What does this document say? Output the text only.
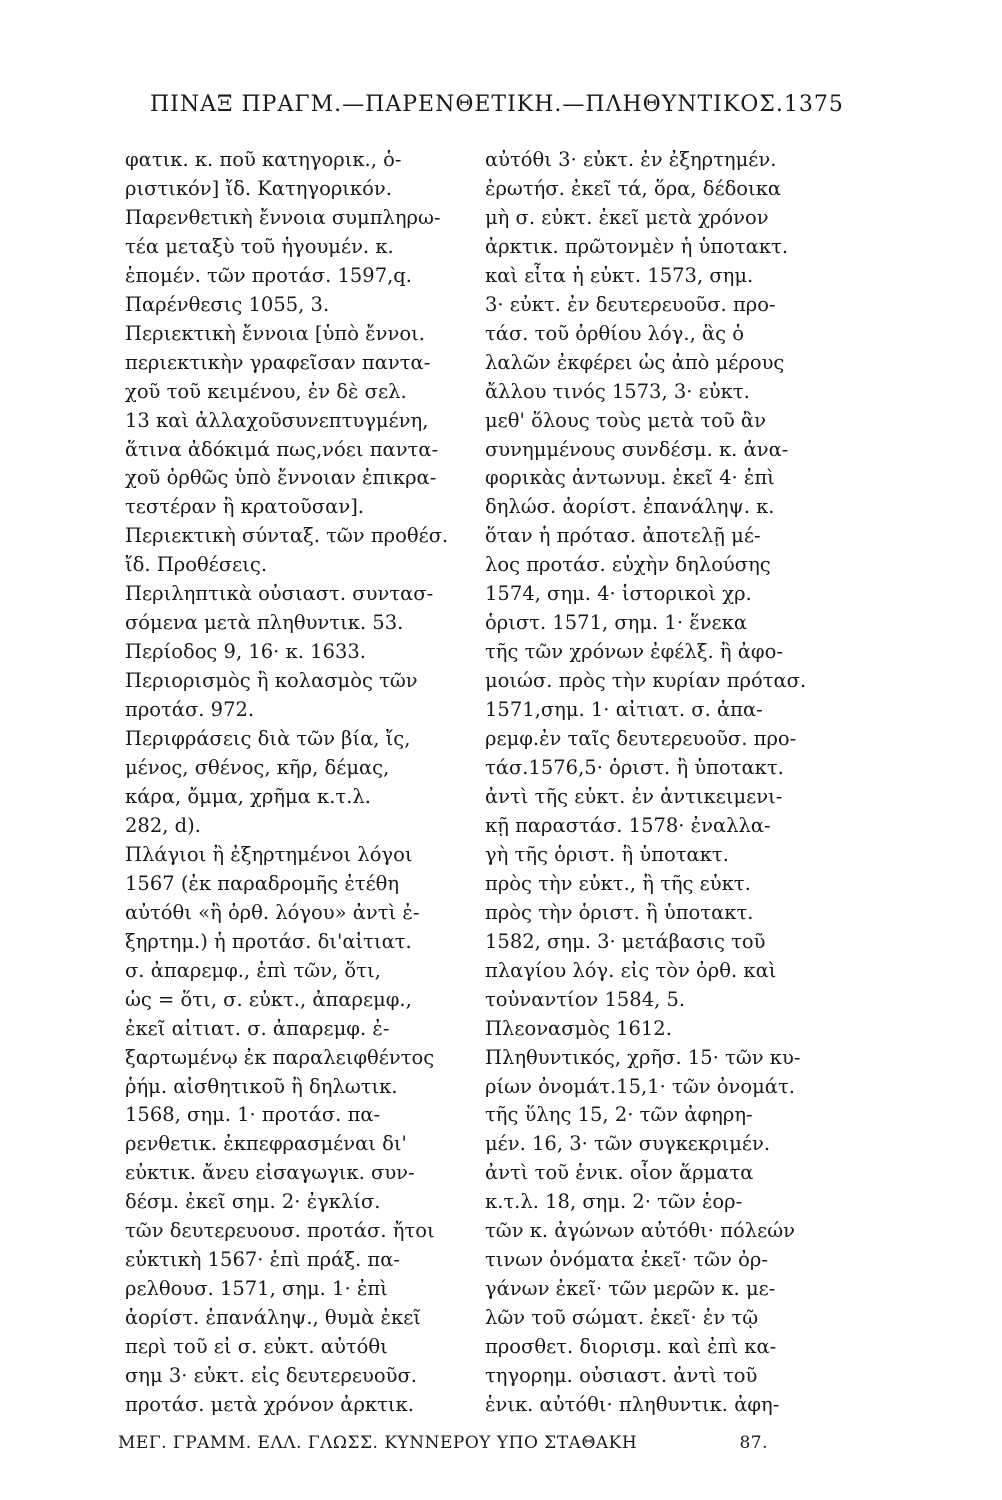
ΠΙΝΑΞ ΠΡΑΓΜ.—ΠΑΡΕΝΘΕΤΙΚΗ.—ΠΛΗΘΥΝΤΙΚΟΣ. 1375
φατικ. κ. ποῦ κατηγορικ., ὁ-
ριστικόν] ἴδ. Κατηγορικόν.
Παρενθετικὴ ἔννοια συμπληρω-
τέα μεταξὺ τοῦ ἡγουμέν. κ.
ἑπομέν. τῶν προτάσ. 1597,q.
Παρένθεσις 1055, 3.
Περιεκτικὴ ἔννοια [ὑπὸ ἔννοι.
περιεκτικὴν γραφεῖσαν παντα-
χοῦ τοῦ κειμένου, ἐν δὲ σελ.
13 καὶ ἀλλαχοῦσυνεπτυγμένη,
ἅτινα ἀδόκιμά πως,νόει παντα-
χοῦ ὀρθῶς ὑπὸ ἔννοιαν ἐπικρα-
τεστέραν ἢ κρατοῦσαν].
Περιεκτικὴ σύνταξ. τῶν προθέσ.
ἴδ. Προθέσεις.
Περιληπτικὰ οὐσιαστ. συντασ-
σόμενα μετὰ πληθυντικ. 53.
Περίοδος 9, 16· κ. 1633.
Περιορισμὸς ἢ κολασμὸς τῶν
προτάσ. 972.
Περιφράσεις διὰ τῶν βία, ἴς,
μένος, σθένος, κῆρ, δέμας,
κάρα, ὄμμα, χρῆμα κ.τ.λ.
282, d).
Πλάγιοι ἢ ἐξηρτημένοι λόγοι
1567 (ἐκ παραδρομῆς ἐτέθη
αὐτόθι «ἢ ὀρθ. λόγου» ἀντὶ ἐ-
ξηρτημ.) ἡ προτάσ. δι'αἰτιατ.
σ. ἀπαρεμφ., ἐπὶ τῶν, ὅτι,
ὡς = ὅτι, σ. εὐκτ., ἀπαρεμφ.,
ἐκεῖ αἰτιατ. σ. ἀπαρεμφ. ἐ-
ξαρτωμένῳ ἐκ παραλειφθέντος
ῥήμ. αἰσθητικοῦ ἢ δηλωτικ.
1568, σημ. 1· προτάσ. πα-
ρενθετικ. ἐκπεφρασμέναι δι'
εὐκτικ. ἄνευ εἰσαγωγικ. συν-
δέσμ. ἐκεῖ σημ. 2· ἐγκλίσ.
τῶν δευτερευουσ. προτάσ. ἤτοι
εὐκτικὴ 1567· ἐπὶ πράξ. πα-
ρελθουσ. 1571, σημ. 1· ἐπὶ
ἀορίστ. ἐπανάληψ., θυμὰ ἐκεῖ
περὶ τοῦ εἰ σ. εὐκτ. αὐτόθι
σημ 3· εὐκτ. εἰς δευτερευοῦσ.
προτάσ. μετὰ χρόνον ἀρκτικ.
αὐτόθι 3· εὐκτ. ἐν ἐξηρτημέν.
ἐρωτήσ. ἐκεῖ τά, ὅρα, δέδοικα
μὴ σ. εὐκτ. ἐκεῖ μετὰ χρόνον
ἀρκτικ. πρῶτονμὲν ἡ ὑποτακτ.
καὶ εἶτα ἡ εὐκτ. 1573, σημ.
3· εὐκτ. ἐν δευτερευοῦσ. προ-
τάσ. τοῦ ὀρθίου λόγ., ἃς ὁ
λαλῶν ἐκφέρει ὡς ἀπὸ μέρους
ἄλλου τινός 1573, 3· εὐκτ.
μεθ' ὅλους τοὺς μετὰ τοῦ ἂν
συνημμένους συνδέσμ. κ. ἀνα-
φορικὰς ἀντωνυμ. ἐκεῖ 4· ἐπὶ
δηλώσ. ἀορίστ. ἐπανάληψ. κ.
ὅταν ἡ πρότασ. ἀποτελῇ μέ-
λος προτάσ. εὐχὴν δηλούσης
1574, σημ. 4· ἱστορικοὶ χρ.
ὁριστ. 1571, σημ. 1· ἕνεκα
τῆς τῶν χρόνων ἐφέλξ. ἢ ἀφο-
μοιώσ. πρὸς τὴν κυρίαν πρότασ.
1571,σημ. 1· αἰτιατ. σ. ἀπα-
ρεμφ.ἐν ταῖς δευτερευοῦσ. προ-
τάσ.1576,5· ὁριστ. ἢ ὑποτακτ.
ἀντὶ τῆς εὐκτ. ἐν ἀντικειμενι-
κῇ παραστάσ. 1578· ἐναλλα-
γὴ τῆς ὁριστ. ἢ ὑποτακτ.
πρὸς τὴν εὐκτ., ἢ τῆς εὐκτ.
πρὸς τὴν ὁριστ. ἢ ὑποτακτ.
1582, σημ. 3· μετάβασις τοῦ
πλαγίου λόγ. εἰς τὸν ὀρθ. καὶ
τοὐναντίον 1584, 5.
Πλεονασμὸς 1612.
Πληθυντικός, χρῆσ. 15· τῶν κυ-
ρίων ὀνομάτ.15,1· τῶν ὀνομάτ.
τῆς ὕλης 15, 2· τῶν ἀφηρη-
μέν. 16, 3· τῶν συγκεκριμέν.
ἀντὶ τοῦ ἑνικ. οἷον ἅρματα
κ.τ.λ. 18, σημ. 2· τῶν ἑορ-
τῶν κ. ἀγώνων αὐτόθι· πόλεών
τινων ὀνόματα ἐκεῖ· τῶν ὀρ-
γάνων ἐκεῖ· τῶν μερῶν κ. με-
λῶν τοῦ σώματ. ἐκεῖ· ἐν τῷ
προσθετ. διορισμ. καὶ ἐπὶ κα-
τηγορημ. οὐσιαστ. ἀντὶ τοῦ
ἑνικ. αὐτόθι· πληθυντικ. ἀφη-
ΜΕΓ. ΓΡΑΜΜ. ΕΛΛ. ΓΛΩΣΣ. ΚΥΝΝΕΡΟΥ ΥΠΟ ΣΤΑΘΑΚΗ	87.
